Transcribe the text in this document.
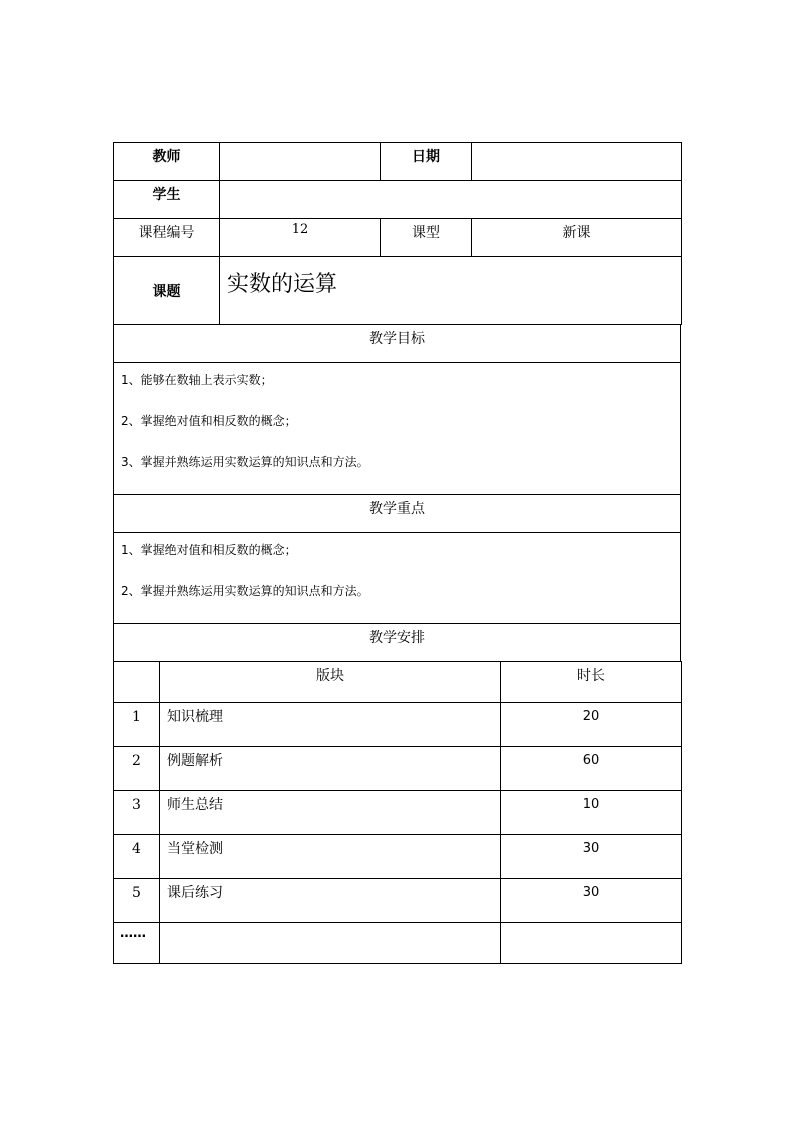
教师		日期	
学生			
课程编号	12	课型	新课
课题	实数的运算		
教学目标

1、能够在数轴上表示实数；
2、掌握绝对值和相反数的概念；
3、掌握并熟练运用实数运算的知识点和方法。

教学重点

1、掌握绝对值和相反数的概念；
2、掌握并熟练运用实数运算的知识点和方法。

教学安排
	版块	时长
1	知识梳理	20
2	例题解析	60
3	师生总结	10
4	当堂检测	30
5	课后练习	30
……		
